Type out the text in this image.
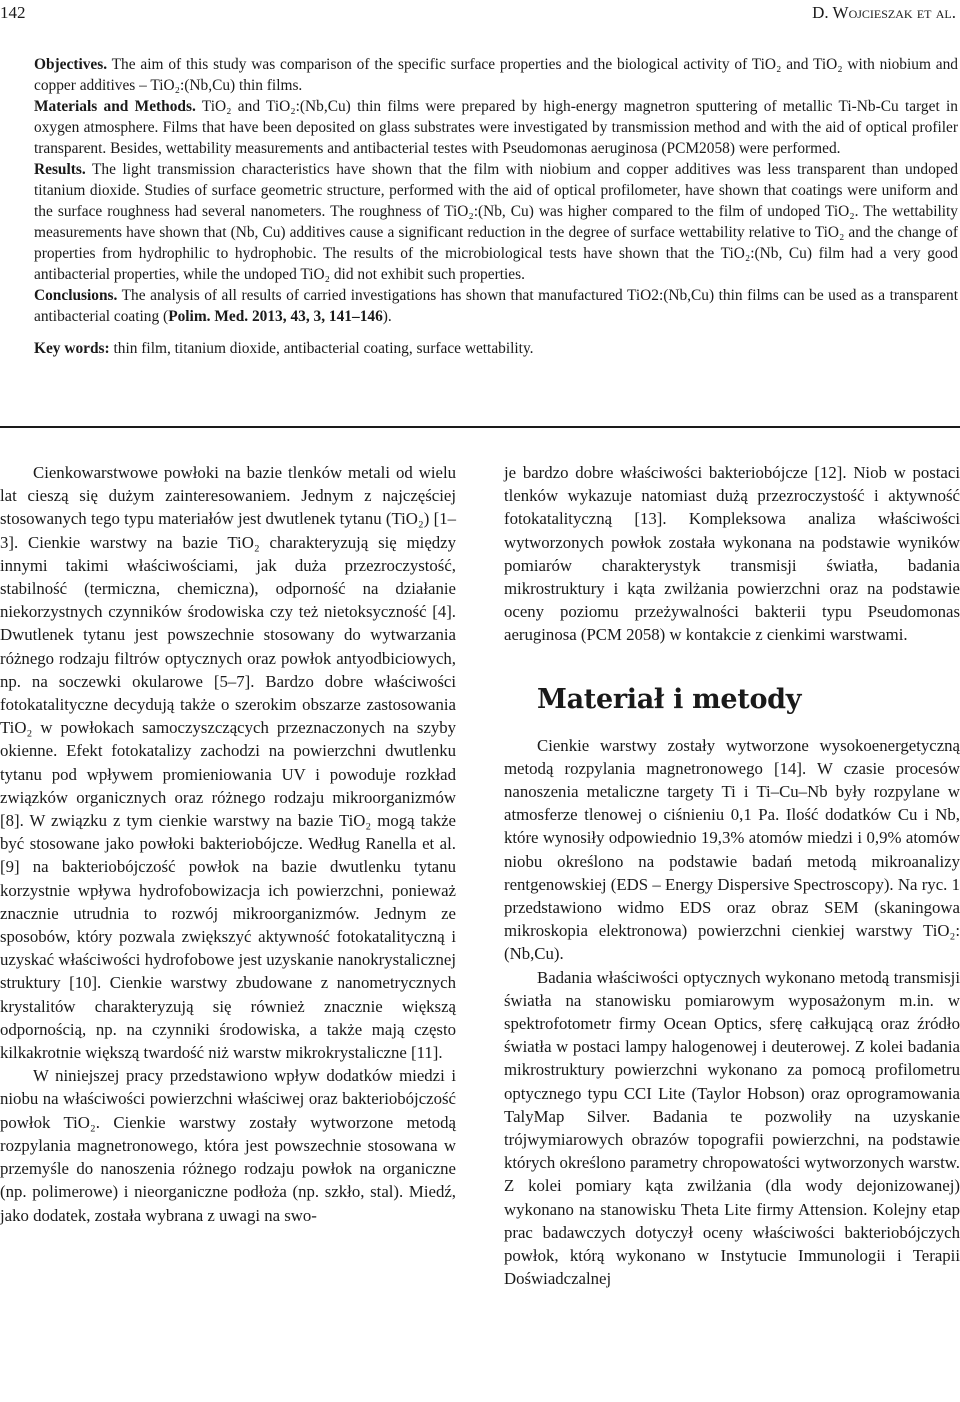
142	D. Wojcieszak et al.

Objectives. The aim of this study was comparison of the specific surface properties and the biological activity of TiO₂ and TiO₂ with niobium and copper additives – TiO₂:(Nb,Cu) thin films.

Materials and Methods. TiO₂ and TiO₂:(Nb,Cu) thin films were prepared by high-energy magnetron sputtering of metallic Ti-Nb-Cu target in oxygen atmosphere. Films that have been deposited on glass substrates were investigated by transmission method and with the aid of optical profiler transparent. Besides, wettability measurements and antibacterial testes with Pseudomonas aeruginosa (PCM2058) were performed.

Results. The light transmission characteristics have shown that the film with niobium and copper additives was less transparent than undoped titanium dioxide. Studies of surface geometric structure, performed with the aid of optical profilometer, have shown that coatings were uniform and the surface roughness had several nanometers. The roughness of TiO₂:(Nb, Cu) was higher compared to the film of undoped TiO₂. The wettability measurements have shown that (Nb, Cu) additives cause a significant reduction in the degree of surface wettability relative to TiO₂ and the change of properties from hydrophilic to hydrophobic. The results of the microbiological tests have shown that the TiO₂:(Nb, Cu) film had a very good antibacterial properties, while the undoped TiO₂ did not exhibit such properties.

Conclusions. The analysis of all results of carried investigations has shown that manufactured TiO2:(Nb,Cu) thin films can be used as a transparent antibacterial coating (Polim. Med. 2013, 43, 3, 141–146).

Key words: thin film, titanium dioxide, antibacterial coating, surface wettability.

Cienkowarstwowe powłoki na bazie tlenków metali od wielu lat cieszą się dużym zainteresowaniem. Jednym z najczęściej stosowanych tego typu materiałów jest dwutlenek tytanu (TiO₂) [1–3]. Cienkie warstwy na bazie TiO₂ charakteryzują się między innymi takimi właściwościami, jak duża przezroczystość, stabilność (termiczna, chemiczna), odporność na działanie niekorzystnych czynników środowiska czy też nietoksyczność [4]. Dwutlenek tytanu jest powszechnie stosowany do wytwarzania różnego rodzaju filtrów optycznych oraz powłok antyodbiciowych, np. na soczewki okularowe [5–7]. Bardzo dobre właściwości fotokatalityczne decydują także o szerokim obszarze zastosowania TiO₂ w powłokach samoczyszczących przeznaczonych na szyby okienne. Efekt fotokatalizy zachodzi na powierzchni dwutlenku tytanu pod wpływem promieniowania UV i powoduje rozkład związków organicznych oraz różnego rodzaju mikroorganizmów [8]. W związku z tym cienkie warstwy na bazie TiO₂ mogą także być stosowane jako powłoki bakteriobójcze. Według Ranella et al. [9] na bakteriobójczość powłok na bazie dwutlenku tytanu korzystnie wpływa hydrofobowizacja ich powierzchni, ponieważ znacznie utrudnia to rozwój mikroorganizmów. Jednym ze sposobów, który pozwala zwiększyć aktywność fotokatalityczną i uzyskać właściwości hydrofobowe jest uzyskanie nanokrystalicznej struktury [10]. Cienkie warstwy zbudowane z nanometrycznych krystalitów charakteryzują się również znacznie większą odpornością, np. na czynniki środowiska, a także mają często kilkakrotnie większą twardość niż warstw mikrokrystaliczne [11].

W niniejszej pracy przedstawiono wpływ dodatków miedzi i niobu na właściwości powierzchni właściwej oraz bakteriobójczość powłok TiO₂. Cienkie warstwy zostały wytworzone metodą rozpylania magnetronowego, która jest powszechnie stosowana w przemyśle do nanoszenia różnego rodzaju powłok na organiczne (np. polimerowe) i nieorganiczne podłoża (np. szkło, stal). Miedź, jako dodatek, została wybrana z uwagi na swo-

je bardzo dobre właściwości bakteriobójcze [12]. Niob w postaci tlenków wykazuje natomiast dużą przezroczystość i aktywność fotokatalityczną [13]. Kompleksowa analiza właściwości wytworzonych powłok została wykonana na podstawie wyników pomiarów charakterystyk transmisji światła, badania mikrostruktury i kąta zwilżania powierzchni oraz na podstawie oceny poziomu przeżywalności bakterii typu Pseudomonas aeruginosa (PCM 2058) w kontakcie z cienkimi warstwami.

Materiał i metody

Cienkie warstwy zostały wytworzone wysokoenergetyczną metodą rozpylania magnetronowego [14]. W czasie procesów nanoszenia metaliczne targety Ti i Ti–Cu–Nb były rozpylane w atmosferze tlenowej o ciśnieniu 0,1 Pa. Ilość dodatków Cu i Nb, które wynosiły odpowiednio 19,3% atomów miedzi i 0,9% atomów niobu określono na podstawie badań metodą mikroanalizy rentgenowskiej (EDS – Energy Dispersive Spectroscopy). Na ryc. 1 przedstawiono widmo EDS oraz obraz SEM (skaningowa mikroskopia elektronowa) powierzchni cienkiej warstwy TiO₂:(Nb,Cu).

Badania właściwości optycznych wykonano metodą transmisji światła na stanowisku pomiarowym wyposażonym m.in. w spektrofotometr firmy Ocean Optics, sferę całkującą oraz źródło światła w postaci lampy halogenowej i deuterowej. Z kolei badania mikrostruktury powierzchni wykonano za pomocą profilometru optycznego typu CCI Lite (Taylor Hobson) oraz oprogramowania TalyMap Silver. Badania te pozwoliły na uzyskanie trójwymiarowych obrazów topografii powierzchni, na podstawie których określono parametry chropowatości wytworzonych warstw. Z kolei pomiary kąta zwilżania (dla wody dejonizowanej) wykonano na stanowisku Theta Lite firmy Attension. Kolejny etap prac badawczych dotyczył oceny właściwości bakteriobójczych powłok, którą wykonano w Instytucie Immunologii i Terapii Doświadczalnej
